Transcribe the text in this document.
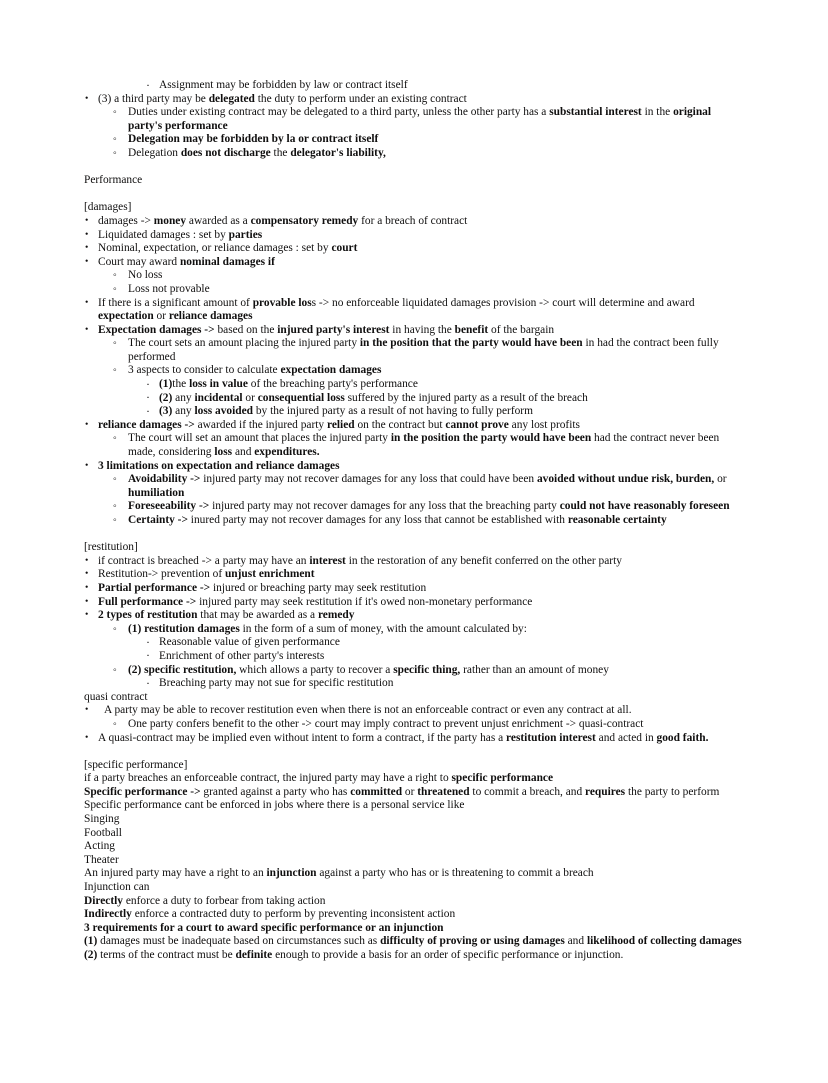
· Assignment may be forbidden by law or contract itself
• (3) a third party may be delegated the duty to perform under an existing contract
◦ Duties under existing contract may be delegated to a third party, unless the other party has a substantial interest in the original party's performance
◦ Delegation may be forbidden by la or contract itself
◦ Delegation does not discharge the delegator's liability,
Performance
[damages]
• damages -> money awarded as a compensatory remedy for a breach of contract
• Liquidated damages : set by parties
• Nominal, expectation, or reliance damages : set by court
• Court may award nominal damages if
◦ No loss
◦ Loss not provable
• If there is a significant amount of provable loss -> no enforceable liquidated damages provision -> court will determine and award expectation or reliance damages
• Expectation damages -> based on the injured party's interest in having the benefit of the bargain
◦ The court sets an amount placing the injured party in the position that the party would have been in had the contract been fully performed
◦ 3 aspects to consider to calculate expectation damages
· (1)the loss in value of the breaching party's performance
· (2) any incidental or consequential loss suffered by the injured party as a result of the breach
· (3) any loss avoided by the injured party as a result of not having to fully perform
• reliance damages -> awarded if the injured party relied on the contract but cannot prove any lost profits
◦ The court will set an amount that places the injured party in the position the party would have been had the contract never been made, considering loss and expenditures.
• 3 limitations on expectation and reliance damages
◦ Avoidability -> injured party may not recover damages for any loss that could have been avoided without undue risk, burden, or humiliation
◦ Foreseeability -> injured party may not recover damages for any loss that the breaching party could not have reasonably foreseen
◦ Certainty -> inured party may not recover damages for any loss that cannot be established with reasonable certainty
[restitution]
• if contract is breached -> a party may have an interest in the restoration of any benefit conferred on the other party
• Restitution-> prevention of unjust enrichment
• Partial performance -> injured or breaching party may seek restitution
• Full performance -> injured party may seek restitution if it's owed non-monetary performance
• 2 types of restitution that may be awarded as a remedy
◦ (1) restitution damages in the form of a sum of money, with the amount calculated by:
· Reasonable value of given performance
· Enrichment of other party's interests
◦ (2) specific restitution, which allows a party to recover a specific thing, rather than an amount of money
· Breaching party may not sue for specific restitution
quasi contract
• A party may be able to recover restitution even when there is not an enforceable contract or even any contract at all.
◦ One party confers benefit to the other -> court may imply contract to prevent unjust enrichment -> quasi-contract
• A quasi-contract may be implied even without intent to form a contract, if the party has a restitution interest and acted in good faith.
[specific performance]
if a party breaches an enforceable contract, the injured party may have a right to specific performance
Specific performance -> granted against a party who has committed or threatened to commit a breach, and requires the party to perform
Specific performance cant be enforced in jobs where there is a personal service like
Singing
Football
Acting
Theater
An injured party may have a right to an injunction against a party who has or is threatening to commit a breach
Injunction can
Directly enforce a duty to forbear from taking action
Indirectly enforce a contracted duty to perform by preventing inconsistent action
3 requirements for a court to award specific performance or an injunction
(1) damages must be inadequate based on circumstances such as difficulty of proving or using damages and likelihood of collecting damages
(2) terms of the contract must be definite enough to provide a basis for an order of specific performance or injunction.
